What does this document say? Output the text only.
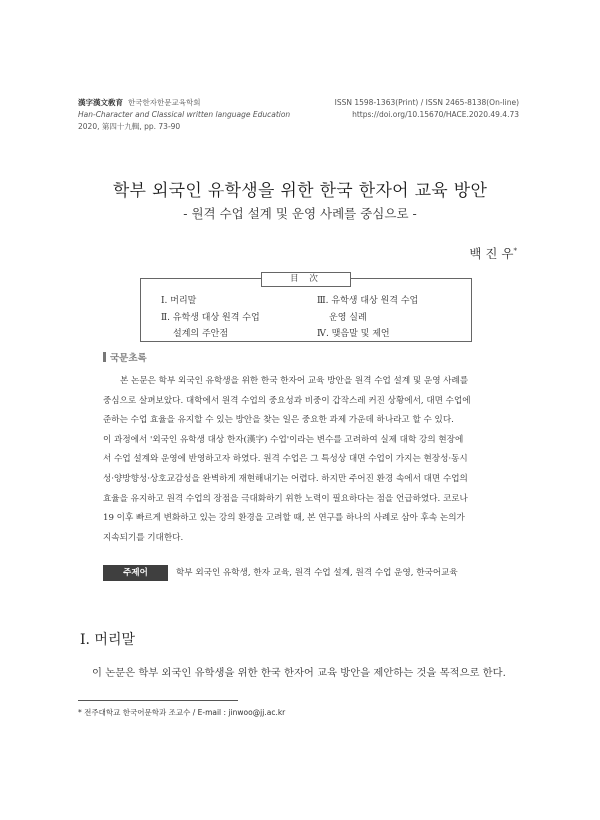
漢字漢文敎育 한국한자한문교육학회
Han-Character and Classical written language Education
2020, 第四十九輯, pp. 73-90
ISSN 1598-1363(Print) / ISSN 2465-8138(On-line)
https://doi.org/10.15670/HACE.2020.49.4.73
학부 외국인 유학생을 위한 한국 한자어 교육 방안
- 원격 수업 설계 및 운영 사례를 중심으로 -
백 진 우*
目 次
Ⅰ. 머리말
Ⅱ. 유학생 대상 원격 수업
설계의 주안점
Ⅲ. 유학생 대상 원격 수업
운영 실례
Ⅳ. 맺음말 및 제언
국문초록
본 논문은 학부 외국인 유학생을 위한 한국 한자어 교육 방안을 원격 수업 설계 및 운영 사례를
중심으로 살펴보았다. 대학에서 원격 수업의 중요성과 비중이 갑작스레 커진 상황에서, 대면 수업에
준하는 수업 효율을 유지할 수 있는 방안을 찾는 일은 중요한 과제 가운데 하나라고 할 수 있다.
이 과정에서 '외국인 유학생 대상 한자(漢字) 수업'이라는 변수를 고려하여 실제 대학 강의 현장에
서 수업 설계와 운영에 반영하고자 하였다. 원격 수업은 그 특성상 대면 수업이 가지는 현장성·동시
성·양방향성·상호교감성을 완벽하게 재현해내기는 어렵다. 하지만 주어진 환경 속에서 대면 수업의
효율을 유지하고 원격 수업의 장점을 극대화하기 위한 노력이 필요하다는 점을 언급하였다. 코로나
19 이후 빠르게 변화하고 있는 강의 환경을 고려할 때, 본 연구를 하나의 사례로 삼아 후속 논의가
지속되기를 기대한다.
주제어	학부 외국인 유학생, 한자 교육, 원격 수업 설계, 원격 수업 운영, 한국어교육
Ⅰ. 머리말
이 논문은 학부 외국인 유학생을 위한 한국 한자어 교육 방안을 제안하는 것을 목적으로 한다.
* 전주대학교 한국어문학과 조교수 / E-mail : jinwoo@jj.ac.kr
